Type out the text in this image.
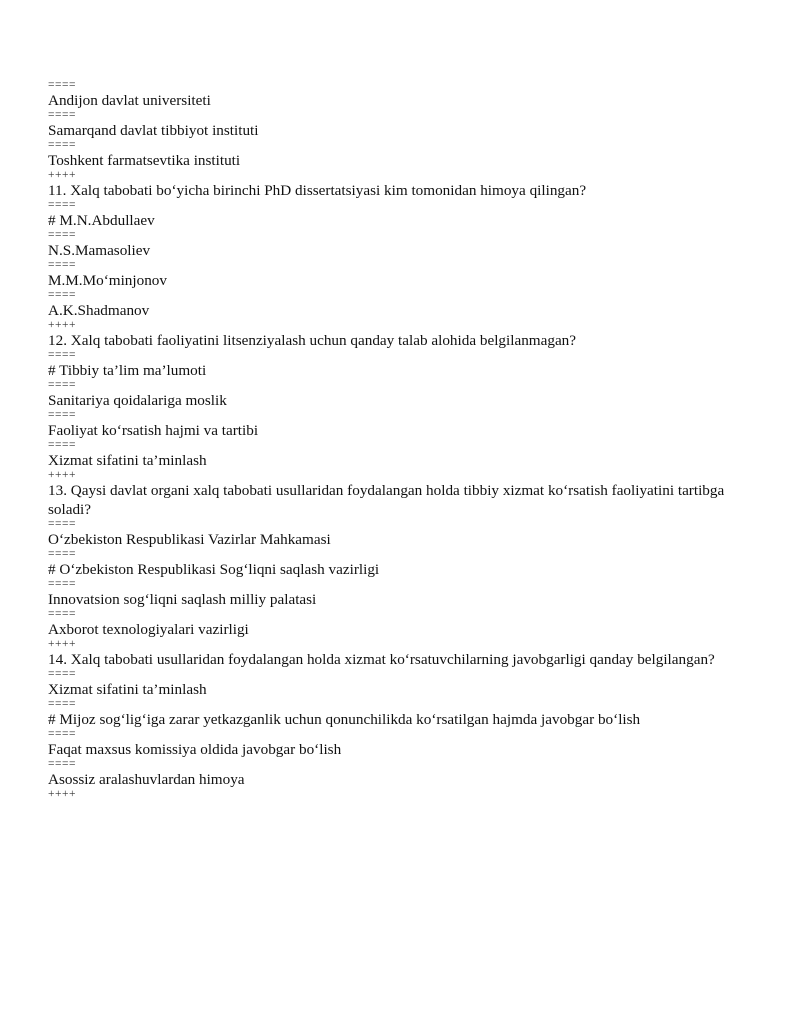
====
Andijon davlat universiteti
====
Samarqand davlat tibbiyot instituti
====
Toshkent farmatsevtika instituti
++++
11. Xalq tabobati bo‘yicha birinchi PhD dissertatsiyasi kim tomonidan himoya qilingan?
====
# M.N.Abdullaev
====
N.S.Mamasoliev
====
M.M.Mo‘minjonov
====
A.K.Shadmanov
++++
12. Xalq tabobati faoliyatini litsenziyalash uchun qanday talab alohida belgilanmagan?
====
# Tibbiy ta’lim ma’lumoti
====
Sanitariya qoidalariga moslik
====
Faoliyat ko‘rsatish hajmi va tartibi
====
Xizmat sifatini ta’minlash
++++
13. Qaysi davlat organi xalq tabobati usullaridan foydalangan holda tibbiy xizmat ko‘rsatish faoliyatini tartibga soladi?
====
O‘zbekiston Respublikasi Vazirlar Mahkamasi
====
# O‘zbekiston Respublikasi Sog‘liqni saqlash vazirligi
====
Innovatsion sog‘liqni saqlash milliy palatasi
====
Axborot texnologiyalari vazirligi
++++
14. Xalq tabobati usullaridan foydalangan holda xizmat ko‘rsatuvchilarning javobgarligi qanday belgilangan?
====
Xizmat sifatini ta’minlash
====
# Mijoz sog‘lig‘iga zarar yetkazganlik uchun qonunchilikda ko‘rsatilgan hajmda javobgar bo‘lish
====
Faqat maxsus komissiya oldida javobgar bo‘lish
====
Asossiz aralashuvlardan himoya
++++
